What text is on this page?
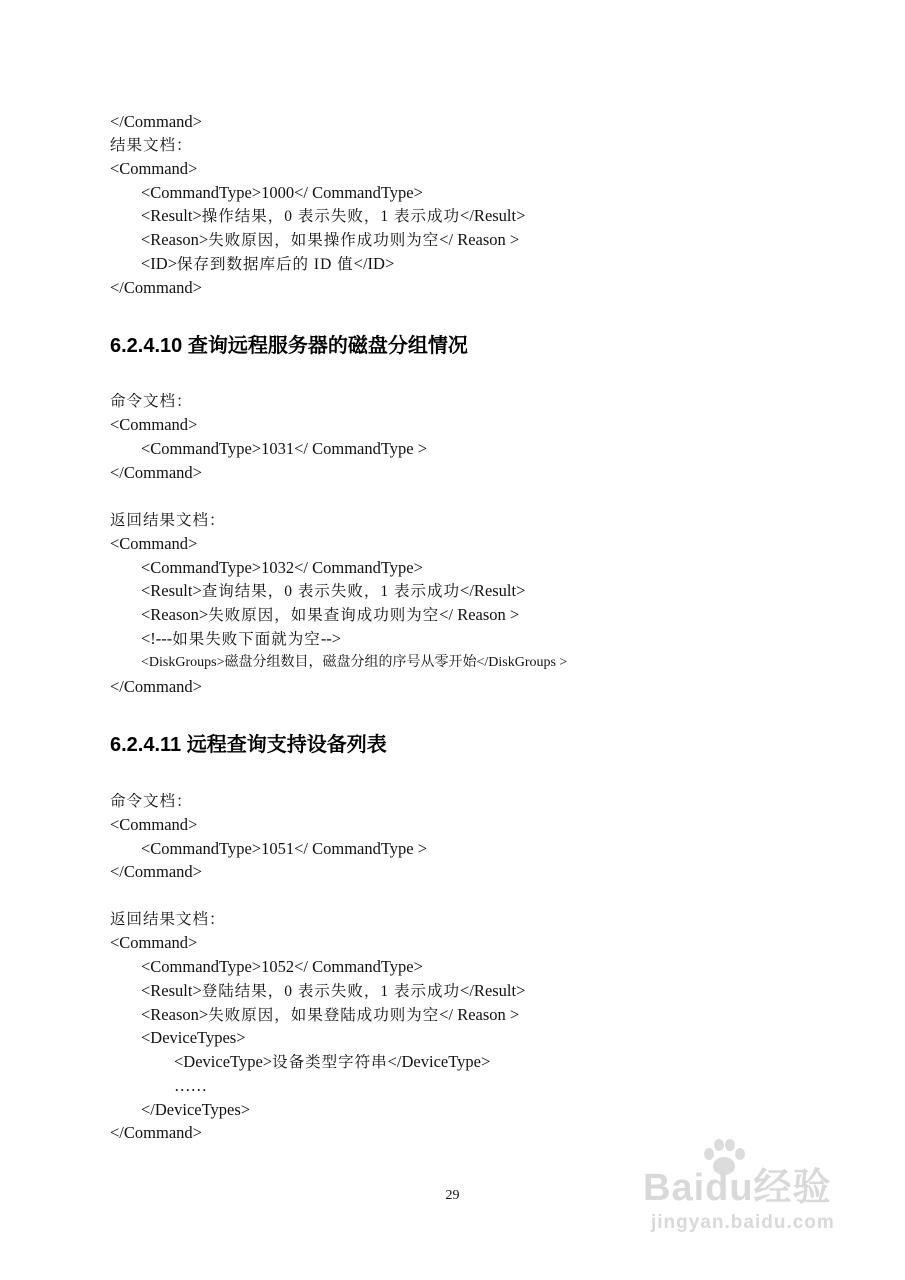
</Command>
结果文档：
<Command>
<CommandType>1000</ CommandType>
<Result>操作结果，0 表示失败，1 表示成功</Result>
<Reason>失败原因，如果操作成功则为空</ Reason >
<ID>保存到数据库后的 ID 值</ID>
</Command>
6.2.4.10 查询远程服务器的磁盘分组情况
命令文档：
<Command>
<CommandType>1031</ CommandType >
</Command>
返回结果文档：
<Command>
<CommandType>1032</ CommandType>
<Result>查询结果，0 表示失败，1 表示成功</Result>
<Reason>失败原因，如果查询成功则为空</ Reason >
<!---如果失败下面就为空-->
<DiskGroups>磁盘分组数目，磁盘分组的序号从零开始</DiskGroups >
</Command>
6.2.4.11 远程查询支持设备列表
命令文档：
<Command>
<CommandType>1051</ CommandType >
</Command>
返回结果文档：
<Command>
<CommandType>1052</ CommandType>
<Result>登陆结果，0 表示失败，1 表示成功</Result>
<Reason>失败原因，如果登陆成功则为空</ Reason >
<DeviceTypes>
<DeviceType>设备类型字符串</DeviceType>
……
</DeviceTypes>
</Command>
29	Baidu经验
jingyan.baidu.com
